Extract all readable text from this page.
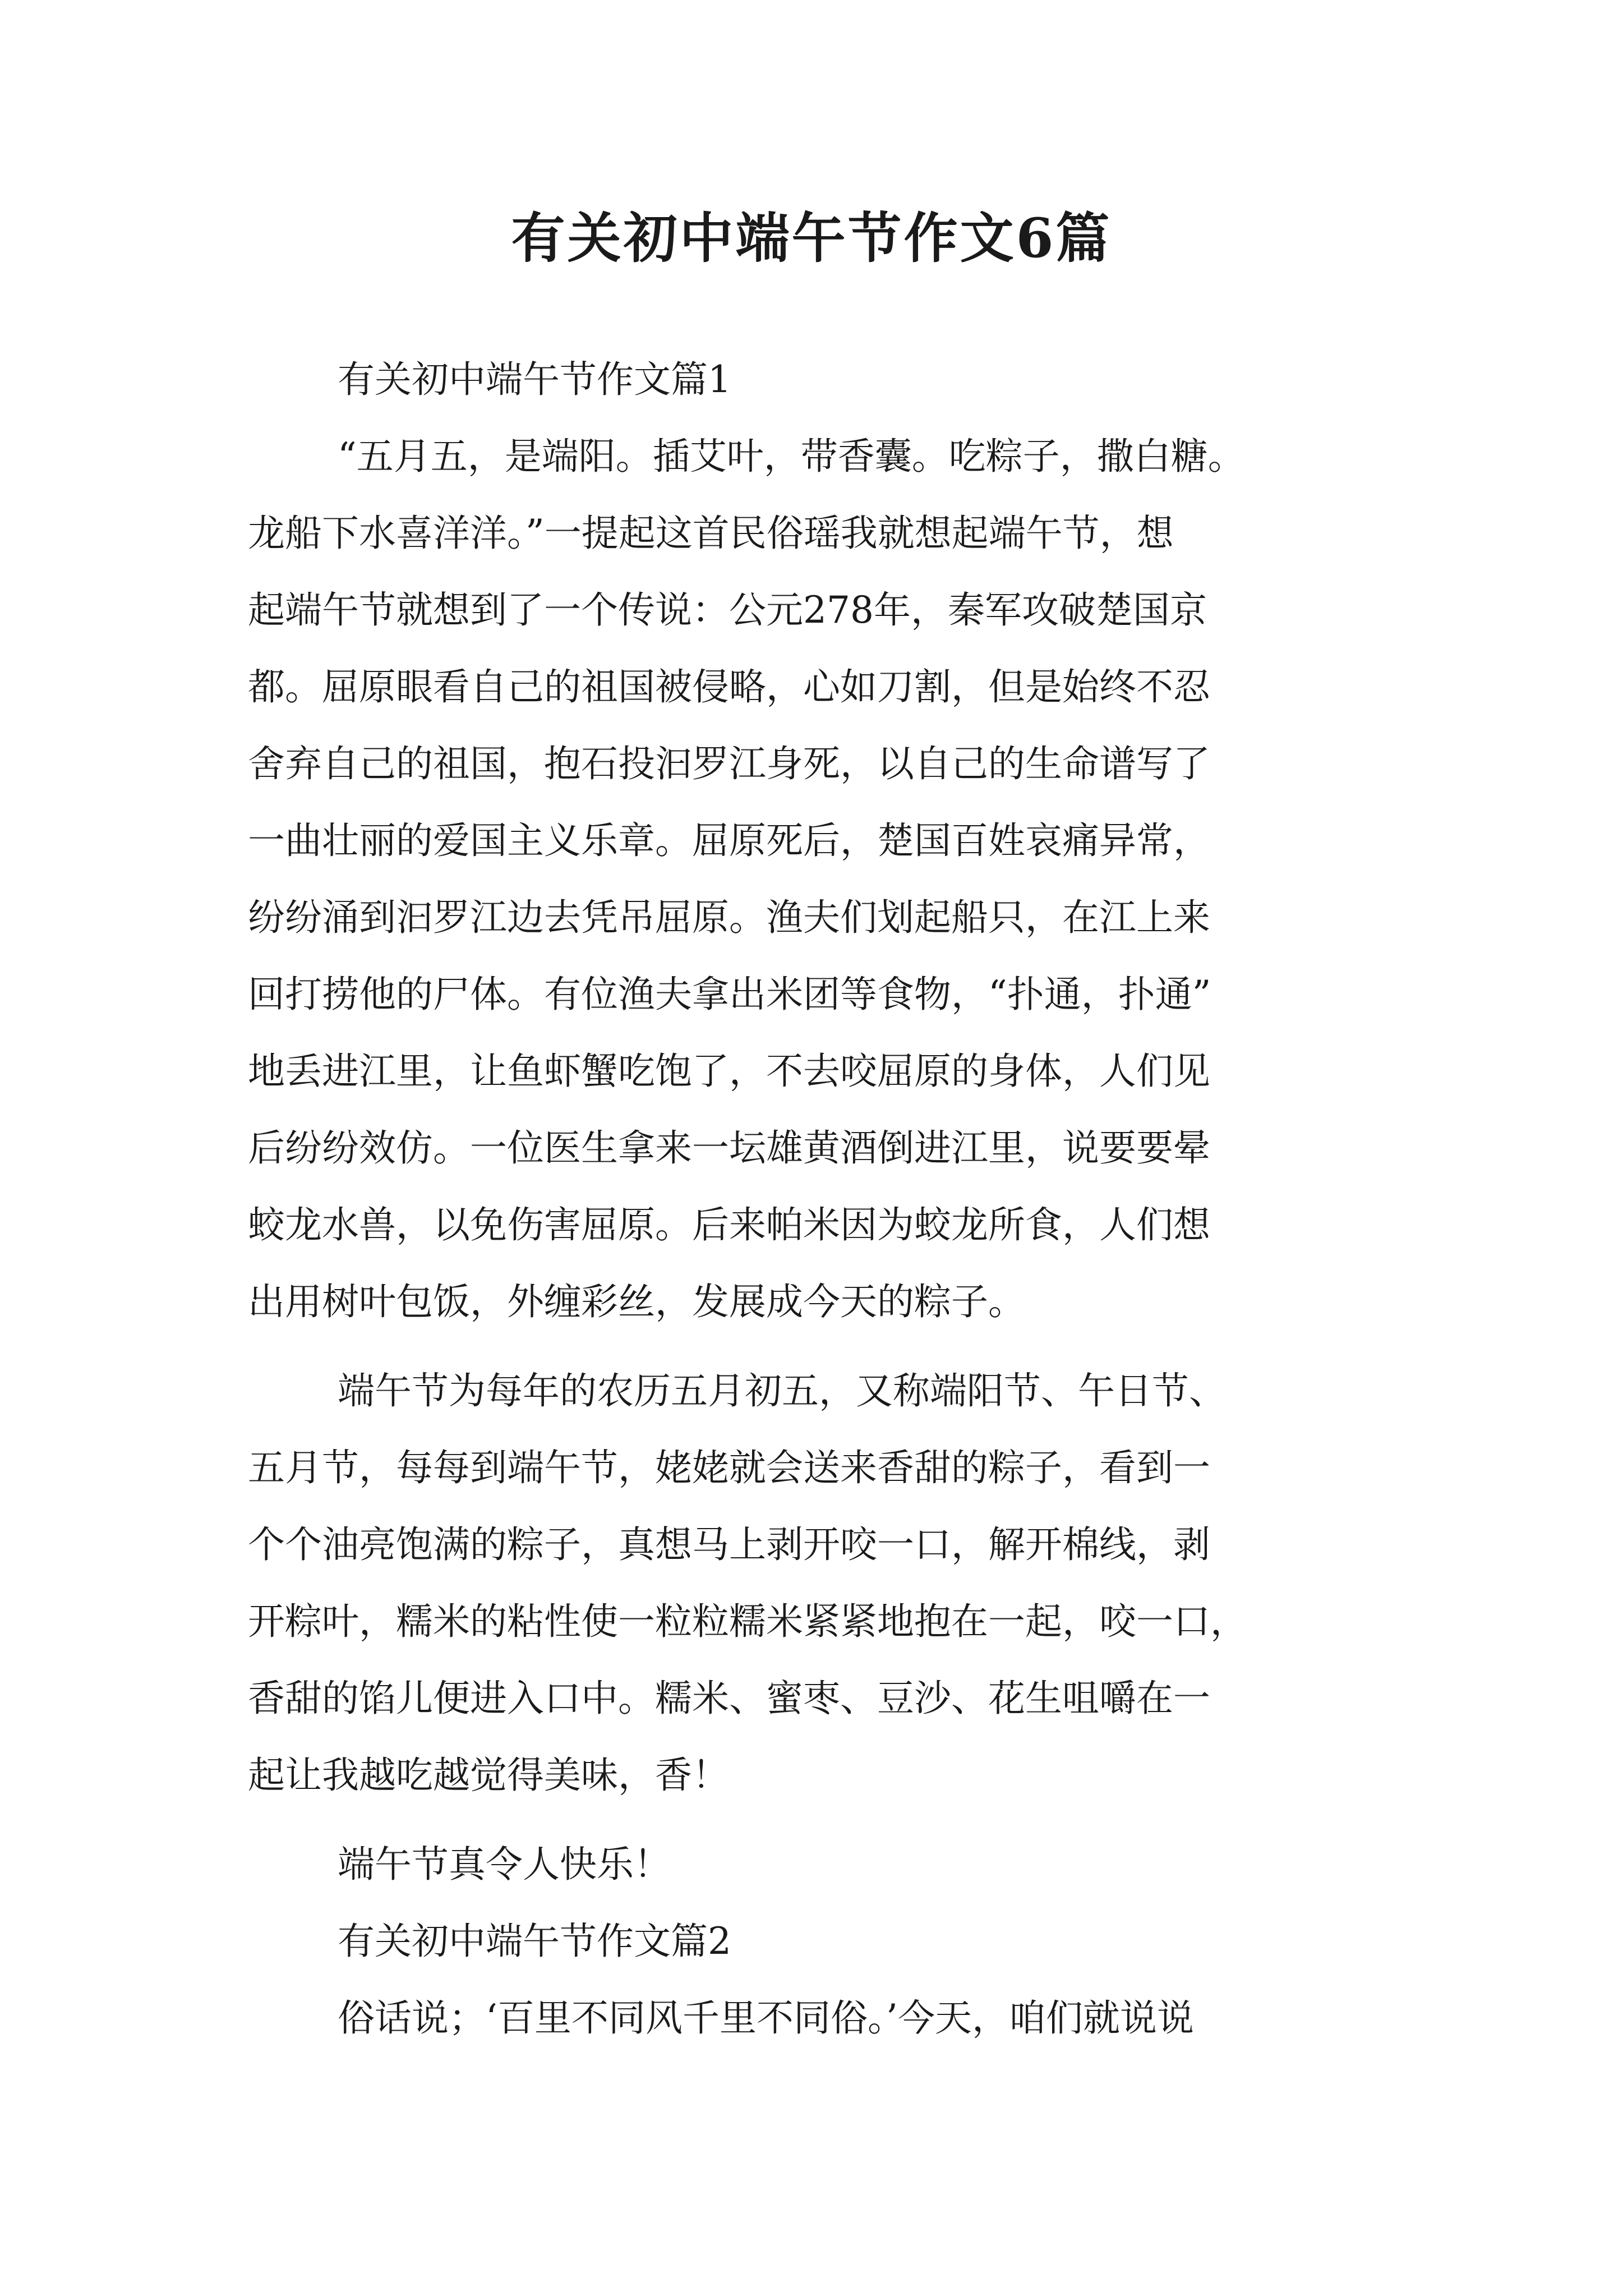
有关初中端午节作文6篇
有关初中端午节作文篇1
“五月五，是端阳。插艾叶，带香囊。吃粽子，撒白糖。
龙船下水喜洋洋。”一提起这首民俗瑶我就想起端午节，想
起端午节就想到了一个传说：公元278年，秦军攻破楚国京
都。屈原眼看自己的祖国被侵略，心如刀割，但是始终不忍
舍弃自己的祖国，抱石投汩罗江身死，以自己的生命谱写了
一曲壮丽的爱国主义乐章。屈原死后，楚国百姓哀痛异常，
纷纷涌到汩罗江边去凭吊屈原。渔夫们划起船只，在江上来
回打捞他的尸体。有位渔夫拿出米团等食物，“扑通，扑通”
地丢进江里，让鱼虾蟹吃饱了，不去咬屈原的身体，人们见
后纷纷效仿。一位医生拿来一坛雄黄酒倒进江里，说要要晕
蛟龙水兽，以免伤害屈原。后来帕米因为蛟龙所食，人们想
出用树叶包饭，外缠彩丝，发展成今天的粽子。
端午节为每年的农历五月初五，又称端阳节、午日节、
五月节，每每到端午节，姥姥就会送来香甜的粽子，看到一
个个油亮饱满的粽子，真想马上剥开咬一口，解开棉线，剥
开粽叶，糯米的粘性使一粒粒糯米紧紧地抱在一起，咬一口，
香甜的馅儿便进入口中。糯米、蜜枣、豆沙、花生咀嚼在一
起让我越吃越觉得美味，香！
端午节真令人快乐！
有关初中端午节作文篇2
俗话说；‘百里不同风千里不同俗。’今天，咱们就说说
